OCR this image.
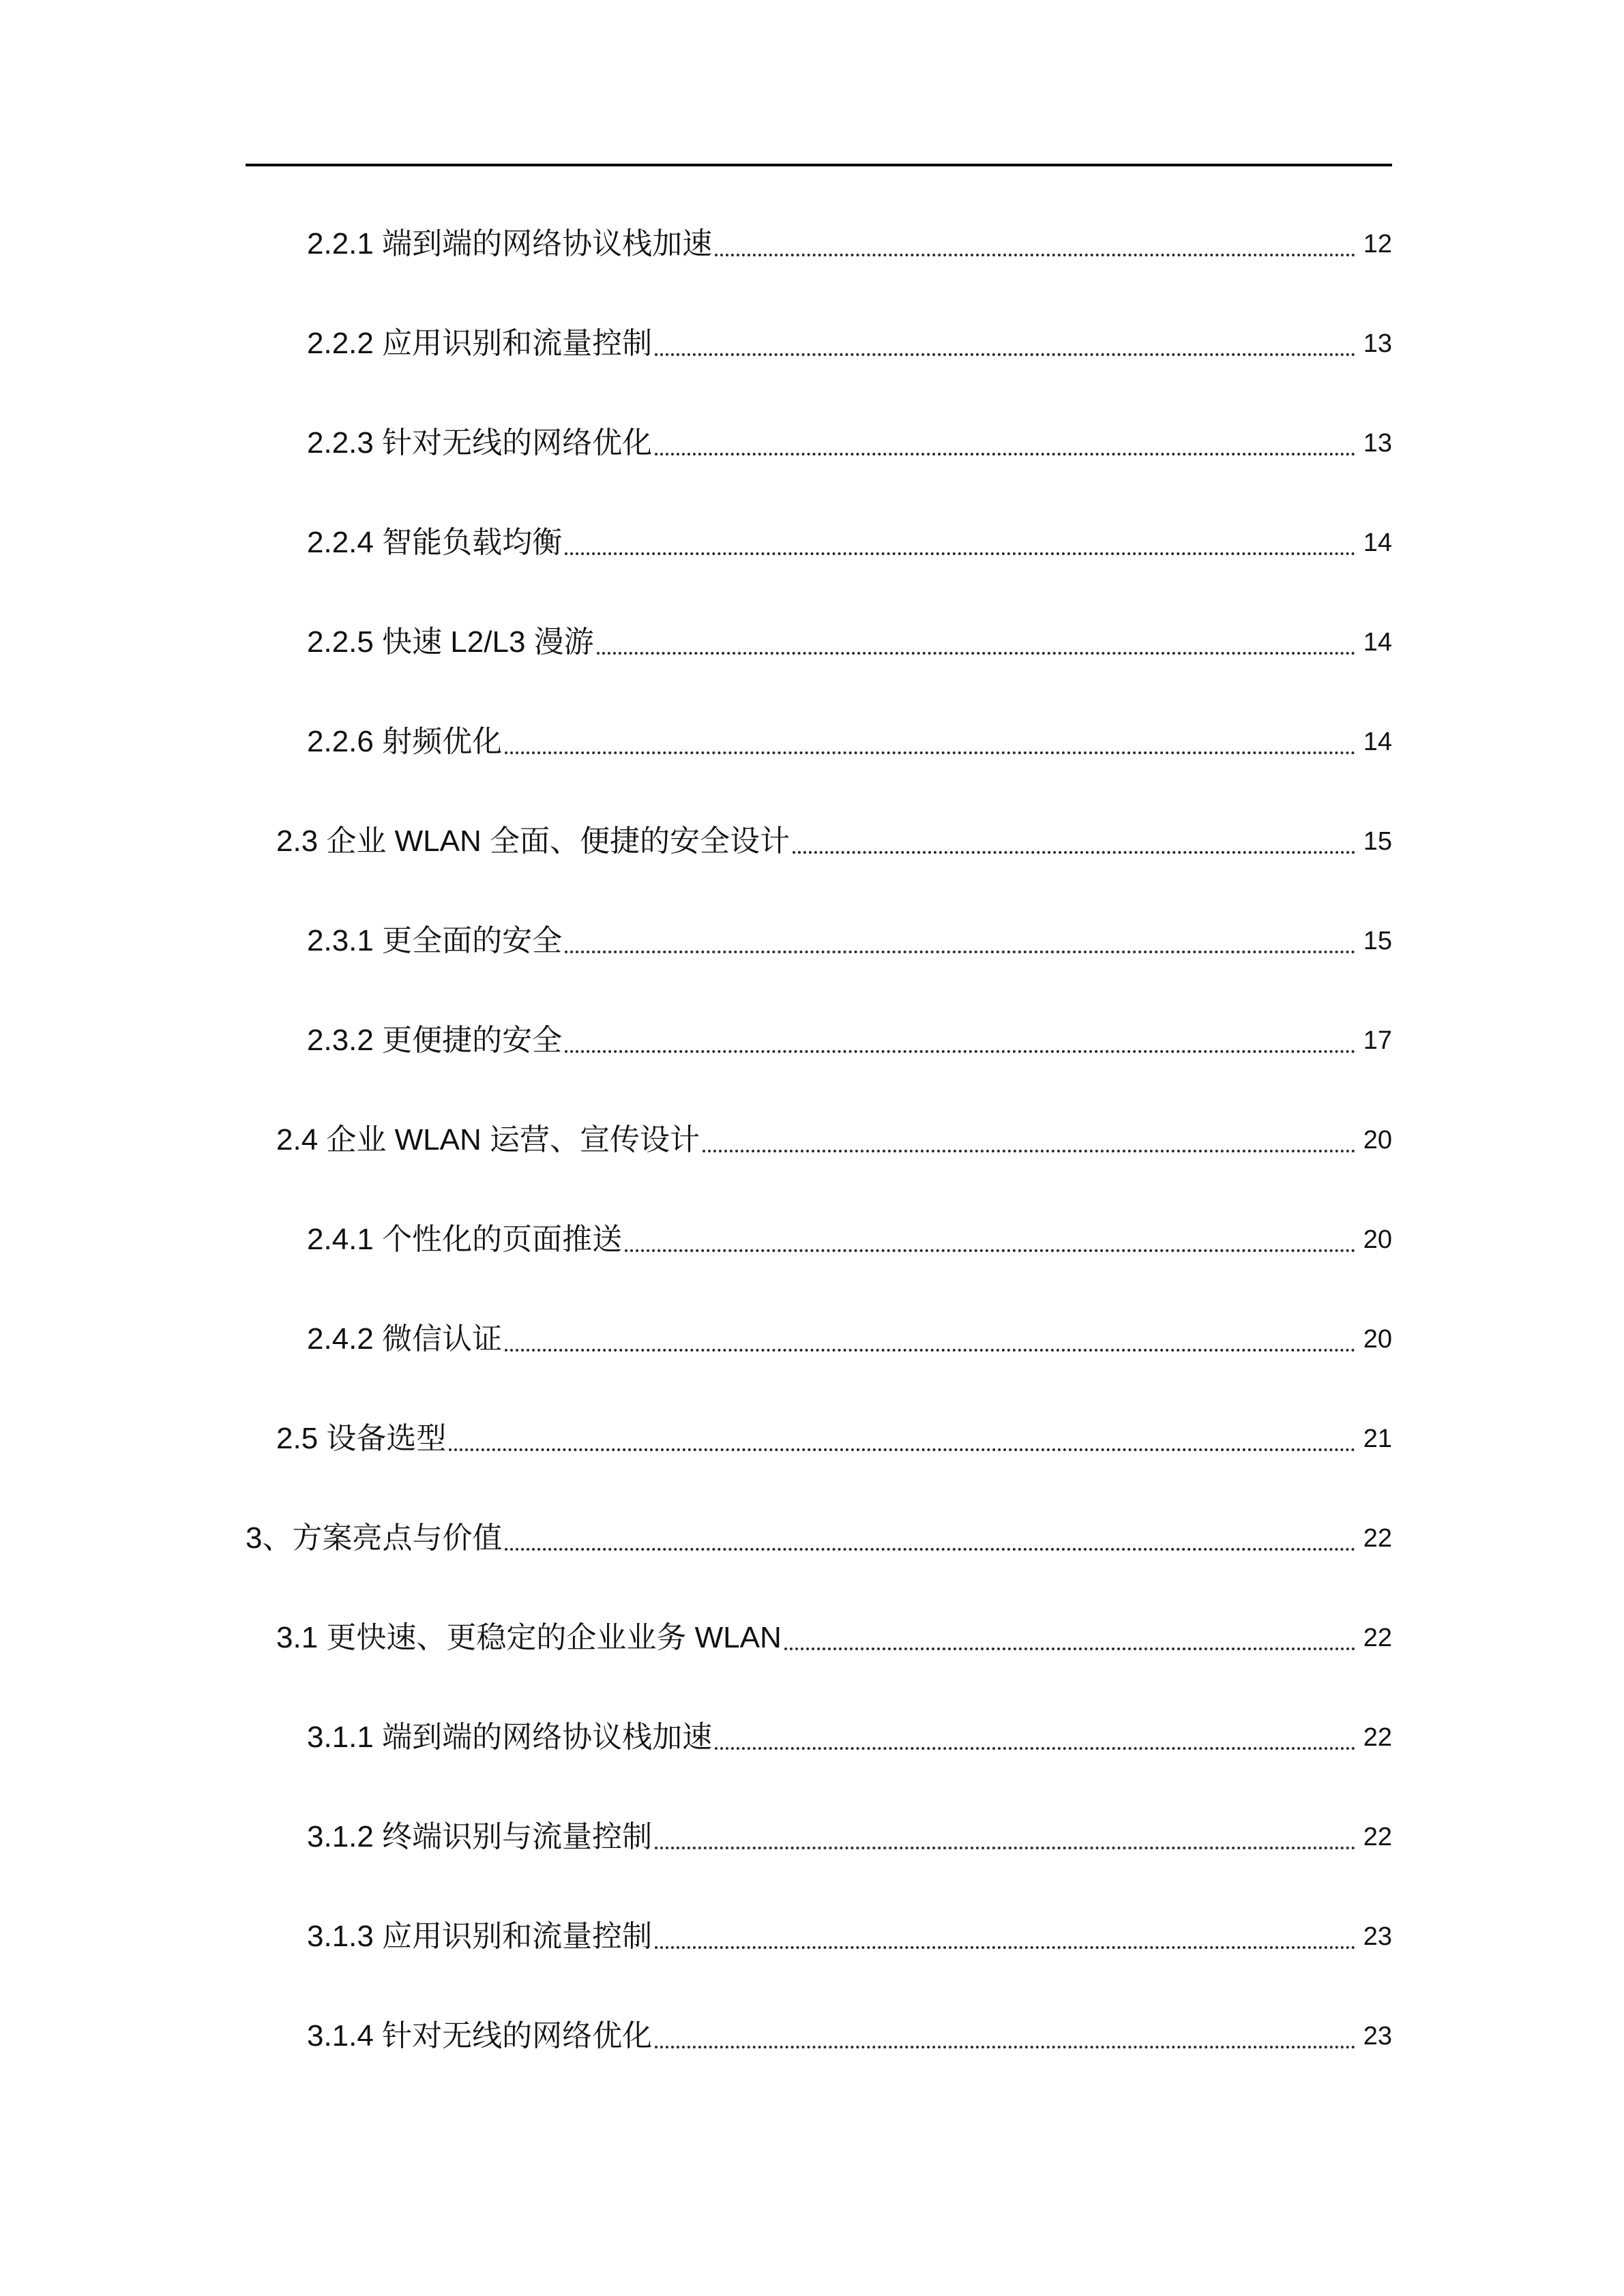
2.2.1 端到端的网络协议栈加速	12
2.2.2 应用识别和流量控制	13
2.2.3 针对无线的网络优化	13
2.2.4 智能负载均衡	14
2.2.5 快速 L2/L3 漫游	14
2.2.6 射频优化	14
2.3 企业 WLAN 全面、便捷的安全设计	15
2.3.1 更全面的安全	15
2.3.2 更便捷的安全	17
2.4 企业 WLAN 运营、宣传设计	20
2.4.1 个性化的页面推送	20
2.4.2 微信认证	20
2.5 设备选型	21
3、方案亮点与价值	22
3.1 更快速、更稳定的企业业务 WLAN	22
3.1.1 端到端的网络协议栈加速	22
3.1.2 终端识别与流量控制	22
3.1.3 应用识别和流量控制	23
3.1.4 针对无线的网络优化	23
